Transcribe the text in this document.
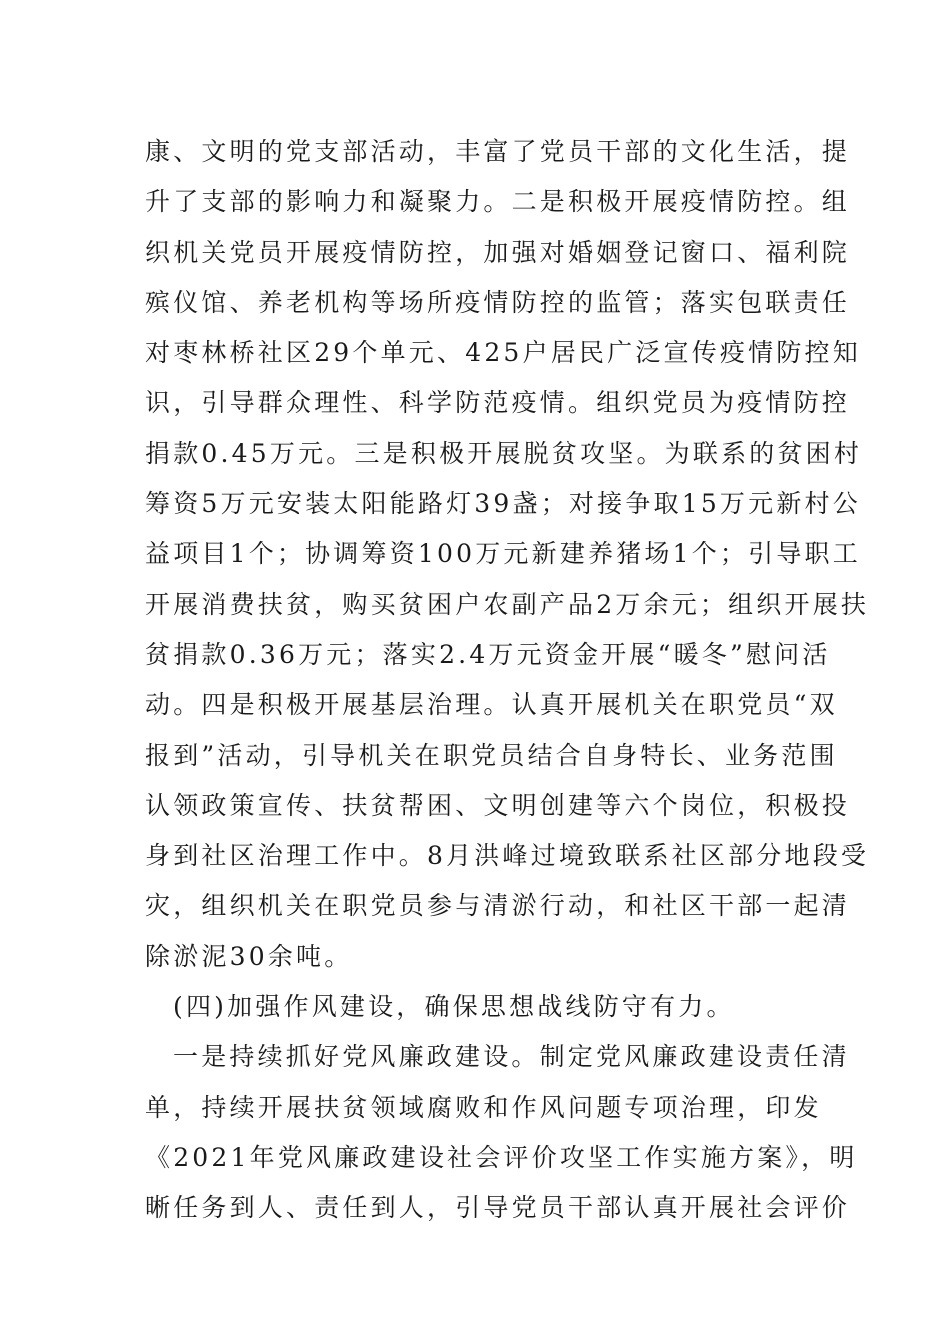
康、文明的党支部活动，丰富了党员干部的文化生活，提
升了支部的影响力和凝聚力。二是积极开展疫情防控。组
织机关党员开展疫情防控，加强对婚姻登记窗口、福利院
殡仪馆、养老机构等场所疫情防控的监管；落实包联责任
对枣林桥社区29个单元、425户居民广泛宣传疫情防控知
识，引导群众理性、科学防范疫情。组织党员为疫情防控
捐款0.45万元。三是积极开展脱贫攻坚。为联系的贫困村
筹资5万元安装太阳能路灯39盏；对接争取15万元新村公
益项目1个；协调筹资100万元新建养猪场1个；引导职工
开展消费扶贫，购买贫困户农副产品2万余元；组织开展扶
贫捐款0.36万元；落实2.4万元资金开展“暖冬”慰问活
动。四是积极开展基层治理。认真开展机关在职党员“双
报到”活动，引导机关在职党员结合自身特长、业务范围
认领政策宣传、扶贫帮困、文明创建等六个岗位，积极投
身到社区治理工作中。8月洪峰过境致联系社区部分地段受
灾，组织机关在职党员参与清淤行动，和社区干部一起清
除淤泥30余吨。
(四)加强作风建设，确保思想战线防守有力。
一是持续抓好党风廉政建设。制定党风廉政建设责任清
单，持续开展扶贫领域腐败和作风问题专项治理，印发
《2021年党风廉政建设社会评价攻坚工作实施方案》，明
晰任务到人、责任到人，引导党员干部认真开展社会评价
